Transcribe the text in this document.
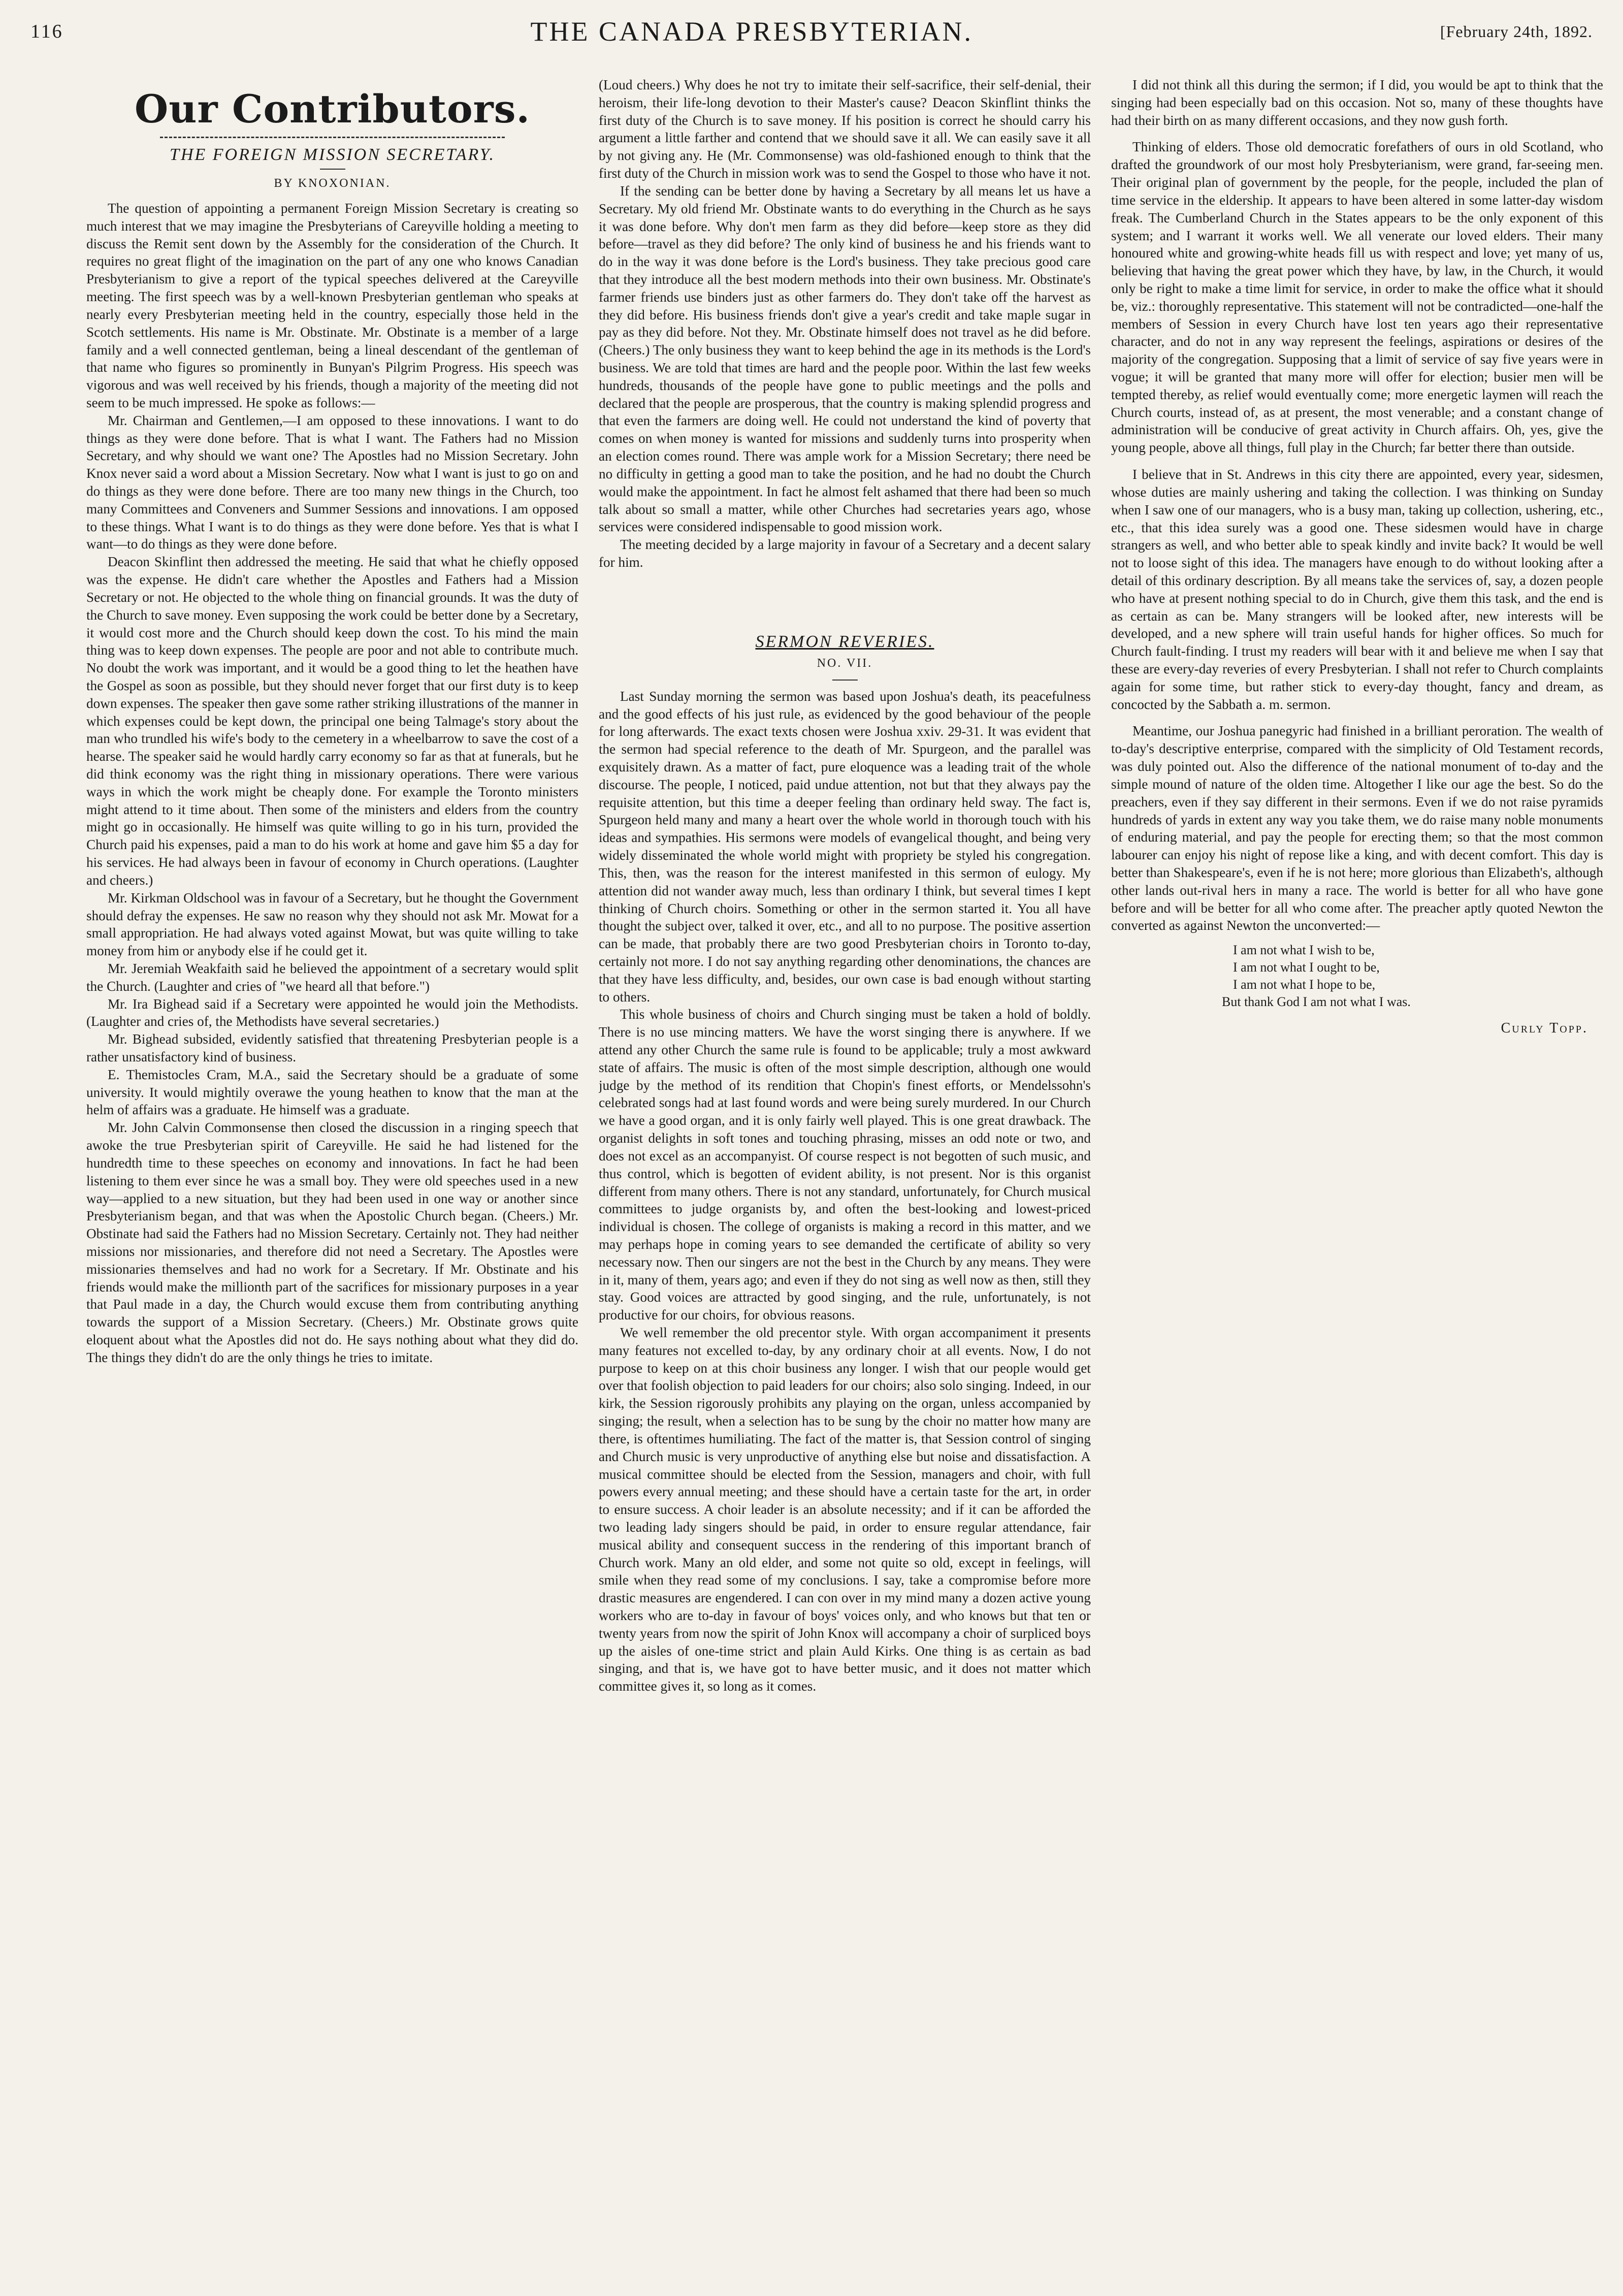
116	THE CANADA PRESBYTERIAN.	[February 24th, 1892.
Our Contributors.
THE FOREIGN MISSION SECRETARY.
BY KNOXONIAN.

The question of appointing a permanent Foreign Mission Secretary is creating so much interest that we may imagine the Presbyterians of Careyville holding a meeting to discuss the Remit sent down by the Assembly for the consideration of the Church. It requires no great flight of the imagination on the part of any one who knows Canadian Presbyterianism to give a report of the typical speeches delivered at the Careyville meeting. The first speech was by a well-known Presbyterian gentleman who speaks at nearly every Presbyterian meeting held in the country, especially those held in the Scotch settlements. His name is Mr. Obstinate. Mr. Obstinate is a member of a large family and a well connected gentleman, being a lineal descendant of the gentleman of that name who figures so prominently in Bunyan's Pilgrim Progress. His speech was vigorous and was well received by his friends, though a majority of the meeting did not seem to be much impressed. He spoke as follows:—

Mr. Chairman and Gentlemen,—I am opposed to these innovations. I want to do things as they were done before. That is what I want. The Fathers had no Mission Secretary, and why should we want one? The Apostles had no Mission Secretary. John Knox never said a word about a Mission Secretary. Now what I want is just to go on and do things as they were done before. There are too many new things in the Church, too many Committees and Conveners and Summer Sessions and innovations. I am opposed to these things. What I want is to do things as they were done before. Yes that is what I want—to do things as they were done before.

Deacon Skinflint then addressed the meeting. He said that what he chiefly opposed was the expense. He didn't care whether the Apostles and Fathers had a Mission Secretary or not. He objected to the whole thing on financial grounds. It was the duty of the Church to save money. Even supposing the work could be better done by a Secretary, it would cost more and the Church should keep down the cost. To his mind the main thing was to keep down expenses. The people are poor and not able to contribute much. No doubt the work was important, and it would be a good thing to let the heathen have the Gospel as soon as possible, but they should never forget that our first duty is to keep down expenses. The speaker then gave some rather striking illustrations of the manner in which expenses could be kept down, the principal one being Talmage's story about the man who trundled his wife's body to the cemetery in a wheelbarrow to save the cost of a hearse. The speaker said he would hardly carry economy so far as that at funerals, but he did think economy was the right thing in missionary operations. There were various ways in which the work might be cheaply done. For example the Toronto ministers might attend to it time about. Then some of the ministers and elders from the country might go in occasionally. He himself was quite willing to go in his turn, provided the Church paid his expenses, paid a man to do his work at home and gave him $5 a day for his services. He had always been in favour of economy in Church operations. (Laughter and cheers.)

Mr. Kirkman Oldschool was in favour of a Secretary, but he thought the Government should defray the expenses. He saw no reason why they should not ask Mr. Mowat for a small appropriation. He had always voted against Mowat, but was quite willing to take money from him or anybody else if he could get it.

Mr. Jeremiah Weakfaith said he believed the appointment of a secretary would split the Church. (Laughter and cries of "we heard all that before.")

Mr. Ira Bighead said if a Secretary were appointed he would join the Methodists. (Laughter and cries of, the Methodists have several secretaries.)

Mr. Bighead subsided, evidently satisfied that threatening Presbyterian people is a rather unsatisfactory kind of business.

E. Themistocles Cram, M.A., said the Secretary should be a graduate of some university. It would mightily overawe the young heathen to know that the man at the helm of affairs was a graduate. He himself was a graduate.

Mr. John Calvin Commonsense then closed the discussion in a ringing speech that awoke the true Presbyterian spirit of Careyville. He said he had listened for the hundredth time to these speeches on economy and innovations. In fact he had been listening to them ever since he was a small boy. They were old speeches used in a new way—applied to a new situation, but they had been used in one way or another since Presbyterianism began, and that was when the Apostolic Church began. (Cheers.) Mr. Obstinate had said the Fathers had no Mission Secretary. Certainly not. They had neither missions nor missionaries, and therefore did not need a Secretary. The Apostles were missionaries themselves and had no work for a Secretary. If Mr. Obstinate and his friends would make the millionth part of the sacrifices for missionary purposes in a year that Paul made in a day, the Church would excuse them from contributing anything towards the support of a Mission Secretary. (Cheers.) Mr. Obstinate grows quite eloquent about what the Apostles did not do. He says nothing about what they did do. The things they didn't do are the only things he tries to imitate.

(Loud cheers.) Why does he not try to imitate their self-sacrifice, their self-denial, their heroism, their life-long devotion to their Master's cause? Deacon Skinflint thinks the first duty of the Church is to save money. If his position is correct he should carry his argument a little farther and contend that we should save it all. We can easily save it all by not giving any. He (Mr. Commonsense) was old-fashioned enough to think that the first duty of the Church in mission work was to send the Gospel to those who have it not.

If the sending can be better done by having a Secretary by all means let us have a Secretary. My old friend Mr. Obstinate wants to do everything in the Church as he says it was done before. Why don't men farm as they did before—keep store as they did before—travel as they did before? The only kind of business he and his friends want to do in the way it was done before is the Lord's business. They take precious good care that they introduce all the best modern methods into their own business. Mr. Obstinate's farmer friends use binders just as other farmers do. They don't take off the harvest as they did before. His business friends don't give a year's credit and take maple sugar in pay as they did before. Not they. Mr. Obstinate himself does not travel as he did before. (Cheers.) The only business they want to keep behind the age in its methods is the Lord's business. We are told that times are hard and the people poor. Within the last few weeks hundreds, thousands of the people have gone to public meetings and the polls and declared that the people are prosperous, that the country is making splendid progress and that even the farmers are doing well. He could not understand the kind of poverty that comes on when money is wanted for missions and suddenly turns into prosperity when an election comes round. There was ample work for a Mission Secretary; there need be no difficulty in getting a good man to take the position, and he had no doubt the Church would make the appointment. In fact he almost felt ashamed that there had been so much talk about so small a matter, while other Churches had secretaries years ago, whose services were considered indispensable to good mission work.

The meeting decided by a large majority in favour of a Secretary and a decent salary for him.

SERMON REVERIES.
NO. VII.

Last Sunday morning the sermon was based upon Joshua's death, its peacefulness and the good effects of his just rule, as evidenced by the good behaviour of the people for long afterwards. The exact texts chosen were Joshua xxiv. 29-31. It was evident that the sermon had special reference to the death of Mr. Spurgeon, and the parallel was exquisitely drawn. As a matter of fact, pure eloquence was a leading trait of the whole discourse. The people, I noticed, paid undue attention, not but that they always pay the requisite attention, but this time a deeper feeling than ordinary held sway. The fact is, Spurgeon held many and many a heart over the whole world in thorough touch with his ideas and sympathies. His sermons were models of evangelical thought, and being very widely disseminated the whole world might with propriety be styled his congregation. This, then, was the reason for the interest manifested in this sermon of eulogy. My attention did not wander away much, less than ordinary I think, but several times I kept thinking of Church choirs. Something or other in the sermon started it. You all have thought the subject over, talked it over, etc., and all to no purpose. The positive assertion can be made, that probably there are two good Presbyterian choirs in Toronto to-day, certainly not more. I do not say anything regarding other denominations, the chances are that they have less difficulty, and, besides, our own case is bad enough without starting to others.

This whole business of choirs and Church singing must be taken a hold of boldly. There is no use mincing matters. We have the worst singing there is anywhere. If we attend any other Church the same rule is found to be applicable; truly a most awkward state of affairs. The music is often of the most simple description, although one would judge by the method of its rendition that Chopin's finest efforts, or Mendelssohn's celebrated songs had at last found words and were being surely murdered. In our Church we have a good organ, and it is only fairly well played. This is one great drawback. The organist delights in soft tones and touching phrasing, misses an odd note or two, and does not excel as an accompanyist. Of course respect is not begotten of such music, and thus control, which is begotten of evident ability, is not present. Nor is this organist different from many others. There is not any standard, unfortunately, for Church musical committees to judge organists by, and often the best-looking and lowest-priced individual is chosen. The college of organists is making a record in this matter, and we may perhaps hope in coming years to see demanded the certificate of ability so very necessary now. Then our singers are not the best in the Church by any means. They were in it, many of them, years ago; and even if they do not sing as well now as then, still they stay. Good voices are attracted by good singing, and the rule, unfortunately, is not productive for our choirs, for obvious reasons.

We well remember the old precentor style. With organ accompaniment it presents many features not excelled to-day, by any ordinary choir at all events. Now, I do not purpose to keep on at this choir business any longer. I wish that our people would get over that foolish objection to paid leaders for our choirs; also solo singing. Indeed, in our kirk, the Session rigorously prohibits any playing on the organ, unless accompanied by singing; the result, when a selection has to be sung by the choir no matter how many are there, is oftentimes humiliating. The fact of the matter is, that Session control of singing and Church music is very unproductive of anything else but noise and dissatisfaction. A musical committee should be elected from the Session, managers and choir, with full powers every annual meeting; and these should have a certain taste for the art, in order to ensure success. A choir leader is an absolute necessity; and if it can be afforded the two leading lady singers should be paid, in order to ensure regular attendance, fair musical ability and consequent success in the rendering of this important branch of Church work. Many an old elder, and some not quite so old, except in feelings, will smile when they read some of my conclusions. I say, take a compromise before more drastic measures are engendered. I can con over in my mind many a dozen active young workers who are to-day in favour of boys' voices only, and who knows but that ten or twenty years from now the spirit of John Knox will accompany a choir of surpliced boys up the aisles of one-time strict and plain Auld Kirks. One thing is as certain as bad singing, and that is, we have got to have better music, and it does not matter which committee gives it, so long as it comes.

I did not think all this during the sermon; if I did, you would be apt to think that the singing had been especially bad on this occasion. Not so, many of these thoughts have had their birth on as many different occasions, and they now gush forth.

Thinking of elders. Those old democratic forefathers of ours in old Scotland, who drafted the groundwork of our most holy Presbyterianism, were grand, far-seeing men. Their original plan of government by the people, for the people, included the plan of time service in the eldership. It appears to have been altered in some latter-day wisdom freak. The Cumberland Church in the States appears to be the only exponent of this system; and I warrant it works well. We all venerate our loved elders. Their many honoured white and growing-white heads fill us with respect and love; yet many of us, believing that having the great power which they have, by law, in the Church, it would only be right to make a time limit for service, in order to make the office what it should be, viz.: thoroughly representative. This statement will not be contradicted—one-half the members of Session in every Church have lost ten years ago their representative character, and do not in any way represent the feelings, aspirations or desires of the majority of the congregation. Supposing that a limit of service of say five years were in vogue; it will be granted that many more will offer for election; busier men will be tempted thereby, as relief would eventually come; more energetic laymen will reach the Church courts, instead of, as at present, the most venerable; and a constant change of administration will be conducive of great activity in Church affairs. Oh, yes, give the young people, above all things, full play in the Church; far better there than outside.

I believe that in St. Andrews in this city there are appointed, every year, sidesmen, whose duties are mainly ushering and taking the collection. I was thinking on Sunday when I saw one of our managers, who is a busy man, taking up collection, ushering, etc., etc., that this idea surely was a good one. These sidesmen would have in charge strangers as well, and who better able to speak kindly and invite back? It would be well not to loose sight of this idea. The managers have enough to do without looking after a detail of this ordinary description. By all means take the services of, say, a dozen people who have at present nothing special to do in Church, give them this task, and the end is as certain as can be. Many strangers will be looked after, new interests will be developed, and a new sphere will train useful hands for higher offices. So much for Church fault-finding. I trust my readers will bear with it and believe me when I say that these are every-day reveries of every Presbyterian. I shall not refer to Church complaints again for some time, but rather stick to every-day thought, fancy and dream, as concocted by the Sabbath a. m. sermon.

Meantime, our Joshua panegyric had finished in a brilliant peroration. The wealth of to-day's descriptive enterprise, compared with the simplicity of Old Testament records, was duly pointed out. Also the difference of the national monument of to-day and the simple mound of nature of the olden time. Altogether I like our age the best. So do the preachers, even if they say different in their sermons. Even if we do not raise pyramids hundreds of yards in extent any way you take them, we do raise many noble monuments of enduring material, and pay the people for erecting them; so that the most common labourer can enjoy his night of repose like a king, and with decent comfort. This day is better than Shakespeare's, even if he is not here; more glorious than Elizabeth's, although other lands out-rival hers in many a race. The world is better for all who have gone before and will be better for all who come after. The preacher aptly quoted Newton the converted as against Newton the unconverted:—

I am not what I wish to be,
I am not what I ought to be,
I am not what I hope to be,
But thank God I am not what I was.
Curly Topp.
